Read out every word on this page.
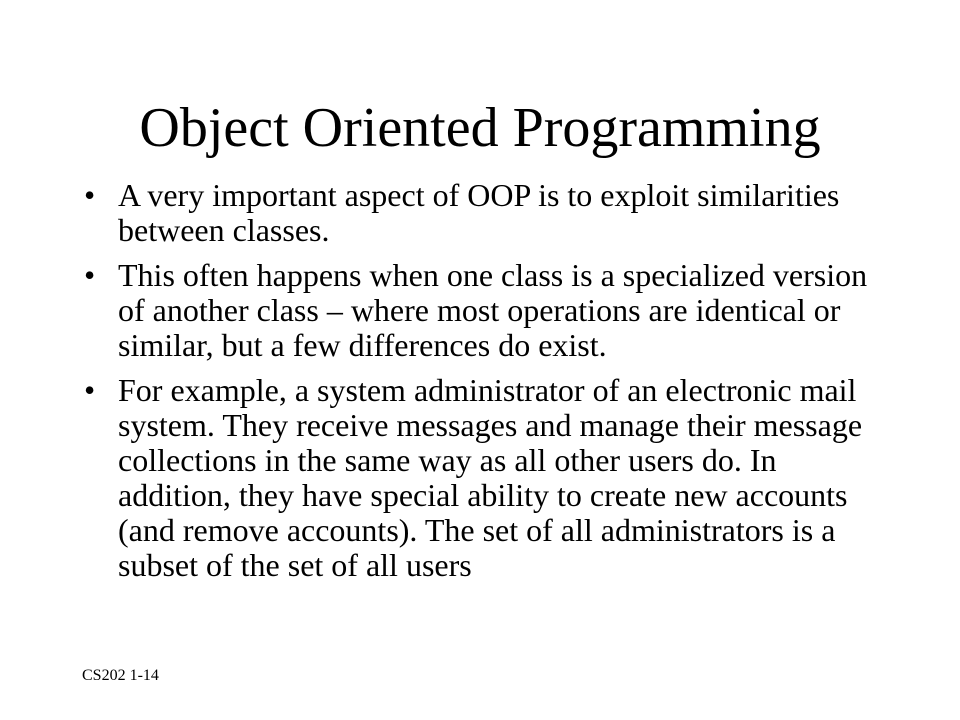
Object Oriented Programming
• A very important aspect of OOP is to exploit similarities between classes.
• This often happens when one class is a specialized version of another class – where most operations are identical or similar, but a few differences do exist.
• For example, a system administrator of an electronic mail system. They receive messages and manage their message collections in the same way as all other users do. In addition, they have special ability to create new accounts (and remove accounts). The set of all administrators is a subset of the set of all users
CS202 1-14
